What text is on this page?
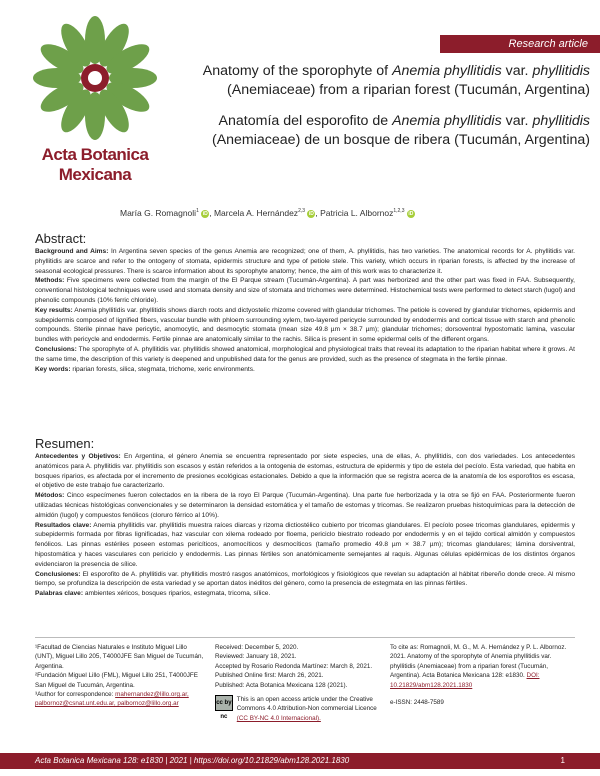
Research article
Acta Botanica
Mexicana
Anatomy of the sporophyte of Anemia phyllitidis var. phyllitidis (Anemiaceae) from a riparian forest (Tucumán, Argentina)
Anatomía del esporofito de Anemia phyllitidis var. phyllitidis (Anemiaceae) de un bosque de ribera (Tucumán, Argentina)
María G. Romagnoli$^1$ iD , Marcela A. Hernández$^{2,3}$ iD , Patricia L. Albornoz$^{1,2,3}$ iD
Abstract:

Background and Aims: In Argentina seven species of the genus Anemia are recognized; one of them, A. phyllitidis, has two varieties. The anatomical records for A. phyllitidis var. phyllitidis are scarce and refer to the ontogeny of stomata, epidermis structure and type of petiole stele. This variety, which occurs in riparian forests, is affected by the increase of seasonal ecological pressures. There is scarce information about its sporophyte anatomy; hence, the aim of this work was to characterize it.

Methods: Five specimens were collected from the margin of the El Parque stream (Tucumán-Argentina). A part was herborized and the other part was fixed in FAA. Subsequently, conventional histological techniques were used and stomata density and size of stomata and trichomes were determined. Histochemical tests were performed to detect starch (lugol) and phenolic compounds (10% ferric chloride).

Key results: Anemia phyllitidis var. phyllitidis shows diarch roots and dictyostelic rhizome covered with glandular trichomes. The petiole is covered by glandular trichomes, epidermis and subepidermis composed of lignified fibers, vascular bundle with phloem surrounding xylem, two-layered pericycle surrounded by endodermis and cortical tissue with starch and phenolic compounds. Sterile pinnae have pericytic, anomocytic, and desmocytic stomata (mean size 49.8 µm × 38.7 µm); glandular trichomes; dorsoventral hypostomatic lamina, vascular bundles with pericycle and endodermis. Fertile pinnae are anatomically similar to the rachis. Silica is present in some epidermal cells of the different organs.

Conclusions: The sporophyte of A. phyllitidis var. phyllitidis showed anatomical, morphological and physiological traits that reveal its adaptation to the riparian habitat where it grows. At the same time, the description of this variety is deepened and unpublished data for the genus are provided, such as the presence of stegmata in the fertile pinnae.

Key words: riparian forests, silica, stegmata, trichome, xeric environments.

Resumen:

Antecedentes y Objetivos: En Argentina, el género Anemia se encuentra representado por siete especies, una de ellas, A. phyllitidis, con dos variedades. Los antecedentes anatómicos para A. phyllitidis var. phyllitidis son escasos y están referidos a la ontogenia de estomas, estructura de epidermis y tipo de estela del pecíolo. Esta variedad, que habita en bosques riparios, es afectada por el incremento de presiones ecológicas estacionales. Debido a que la información que se registra acerca de la anatomía de los esporofitos es escasa, el objetivo de este trabajo fue caracterizarlo.

Métodos: Cinco especímenes fueron colectados en la ribera de la royo El Parque (Tucumán-Argentina). Una parte fue herborizada y la otra se fijó en FAA. Posteriormente fueron utilizadas técnicas histológicas convencionales y se determinaron la densidad estomática y el tamaño de estomas y tricomas. Se realizaron pruebas histoquímicas para la detección de almidón (lugol) y compuestos fenólicos (cloruro férrico al 10%).

Resultados clave: Anemia phyllitidis var. phyllitidis muestra raíces diarcas y rizoma dictiostélico cubierto por tricomas glandulares. El pecíolo posee tricomas glandulares, epidermis y subepidermis formada por fibras lignificadas, haz vascular con xilema rodeado por floema, periciclo biestrato rodeado por endodermis y en el tejido cortical almidón y compuestos fenólicos. Las pinnas estériles poseen estomas pericíticos, anomocíticos y desmocíticos (tamaño promedio 49.8 µm × 38.7 µm); tricomas glandulares; lámina dorsiventral, hipostomática y haces vasculares con periciclo y endodermis. Las pinnas fértiles son anatómicamente semejantes al raquis. Algunas células epidérmicas de los distintos órganos evidenciaron la presencia de sílice.

Conclusiones: El esporofito de A. phyllitidis var. phyllitidis mostró rasgos anatómicos, morfológicos y fisiológicos que revelan su adaptación al hábitat ribereño donde crece. Al mismo tiempo, se profundiza la descripción de esta variedad y se aportan datos inéditos del género, como la presencia de estegmata en las pinnas fértiles.

Palabras clave: ambientes xéricos, bosques riparios, estegmata, tricoma, sílice.

¹Facultad de Ciencias Naturales e Instituto Miguel Lillo (UNT), Miguel Lillo 205, T4000JFE San Miguel de Tucumán, Argentina.
²Fundación Miguel Lillo (FML), Miguel Lillo 251, T4000JFE San Miguel de Tucumán, Argentina.
³Author for correspondence: mahernandez@lillo.org.ar, palbornoz@csnat.unt.edu.ar, palbornoz@lillo.org.ar
Received: December 5, 2020.
Reviewed: January 18, 2021.
Accepted by Rosario Redonda Martínez: March 8, 2021.
Published Online first: March 26, 2021.
Published: Acta Botanica Mexicana 128 (2021).
cc by nc
This is an open access article under the Creative Commons 4.0 Attribution-Non commercial Licence (CC BY-NC 4.0 Internacional).
To cite as: Romagnoli, M. G., M. A. Hernández y P. L. Albornoz. 2021. Anatomy of the sporophyte of Anemia phyllitidis var. phyllitidis (Anemiaceae) from a riparian forest (Tucumán, Argentina). Acta Botanica Mexicana 128: e1830. DOI: 10.21829/abm128.2021.1830
e-ISSN: 2448-7589
Acta Botanica Mexicana 128: e1830 | 2021 | https://doi.org/10.21829/abm128.2021.1830	1
